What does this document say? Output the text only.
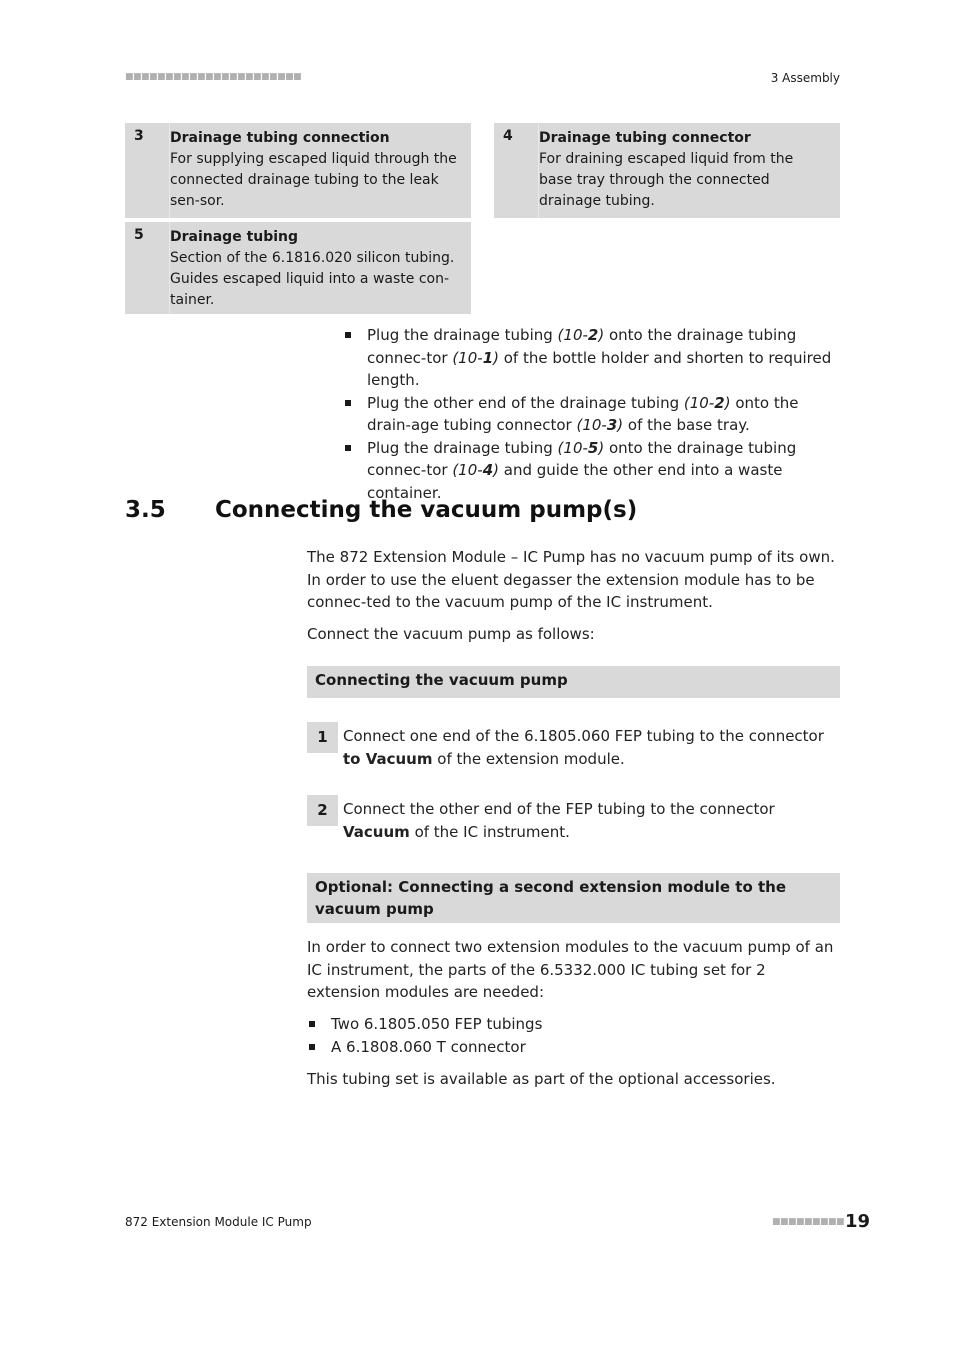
■■■■■■■■■■■■■■■■■■■■■■	3 Assembly
3 Drainage tubing connection
For supplying escaped liquid through the connected drainage tubing to the leak sen-sor.
4 Drainage tubing connector
For draining escaped liquid from the base tray through the connected drainage tubing.
5 Drainage tubing
Section of the 6.1816.020 silicon tubing. Guides escaped liquid into a waste con-tainer.
Plug the drainage tubing (10-2) onto the drainage tubing connec-tor (10-1) of the bottle holder and shorten to required length.
Plug the other end of the drainage tubing (10-2) onto the drain-age tubing connector (10-3) of the base tray.
Plug the drainage tubing (10-5) onto the drainage tubing connec-tor (10-4) and guide the other end into a waste container.
3.5 Connecting the vacuum pump(s)
The 872 Extension Module – IC Pump has no vacuum pump of its own. In order to use the eluent degasser the extension module has to be connec-ted to the vacuum pump of the IC instrument.
Connect the vacuum pump as follows:
Connecting the vacuum pump
1	Connect one end of the 6.1805.060 FEP tubing to the connector to Vacuum of the extension module.
2	Connect the other end of the FEP tubing to the connector Vacuum of the IC instrument.
Optional: Connecting a second extension module to the vacuum pump
In order to connect two extension modules to the vacuum pump of an IC instrument, the parts of the 6.5332.000 IC tubing set for 2 extension modules are needed:
Two 6.1805.050 FEP tubings
A 6.1808.060 T connector
This tubing set is available as part of the optional accessories.
872 Extension Module IC Pump	■■■■■■■■■ 19
